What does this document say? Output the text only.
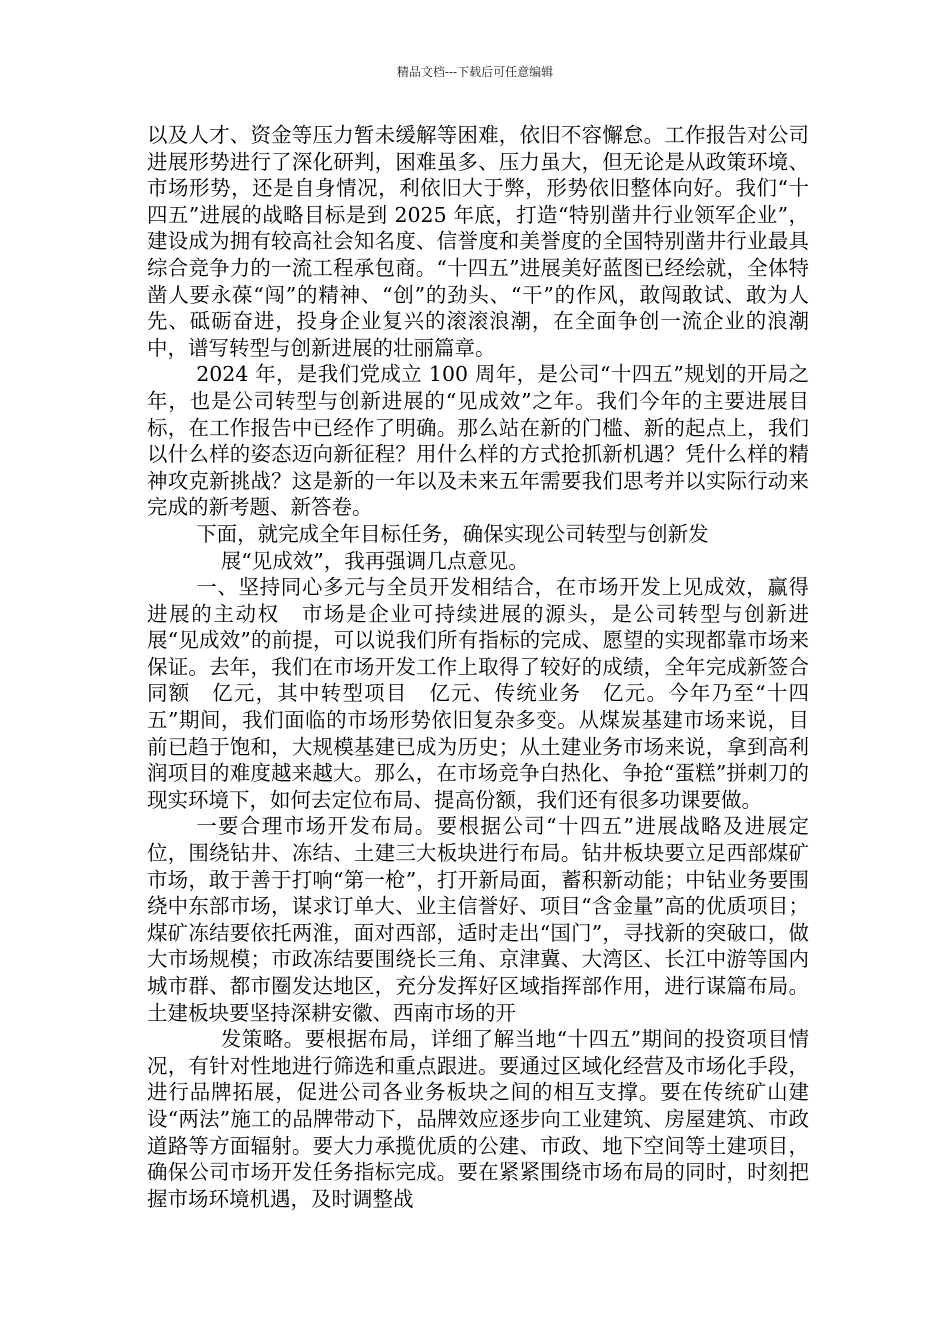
精品文档---下载后可任意编辑

以及人才、资金等压力暂未缓解等困难，依旧不容懈怠。工作报告对公司进展形势进行了深化研判，困难虽多、压力虽大，但无论是从政策环境、市场形势，还是自身情况，利依旧大于弊，形势依旧整体向好。我们“十四五”进展的战略目标是到 2025 年底，打造“特别凿井行业领军企业”，建设成为拥有较高社会知名度、信誉度和美誉度的全国特别凿井行业最具综合竞争力的一流工程承包商。“十四五”进展美好蓝图已经绘就，全体特凿人要永葆“闯”的精神、“创”的劲头、“干”的作风，敢闯敢试、敢为人先、砥砺奋进，投身企业复兴的滚滚浪潮，在全面争创一流企业的浪潮中，谱写转型与创新进展的壮丽篇章。

2024 年，是我们党成立 100 周年，是公司“十四五”规划的开局之年，也是公司转型与创新进展的“见成效”之年。我们今年的主要进展目标，在工作报告中已经作了明确。那么站在新的门槛、新的起点上，我们以什么样的姿态迈向新征程？用什么样的方式抢抓新机遇？凭什么样的精神攻克新挑战？这是新的一年以及未来五年需要我们思考并以实际行动来完成的新考题、新答卷。

下面，就完成全年目标任务，确保实现公司转型与创新发

展“见成效”，我再强调几点意见。

一、坚持同心多元与全员开发相结合，在市场开发上见成效，赢得进展的主动权　市场是企业可持续进展的源头，是公司转型与创新进展“见成效”的前提，可以说我们所有指标的完成、愿望的实现都靠市场来保证。去年，我们在市场开发工作上取得了较好的成绩，全年完成新签合同额　亿元，其中转型项目　亿元、传统业务　亿元。今年乃至“十四五”期间，我们面临的市场形势依旧复杂多变。从煤炭基建市场来说，目前已趋于饱和，大规模基建已成为历史；从土建业务市场来说，拿到高利润项目的难度越来越大。那么，在市场竞争白热化、争抢“蛋糕”拼刺刀的现实环境下，如何去定位布局、提高份额，我们还有很多功课要做。

一要合理市场开发布局。要根据公司“十四五”进展战略及进展定位，围绕钻井、冻结、土建三大板块进行布局。钻井板块要立足西部煤矿市场，敢于善于打响“第一枪”，打开新局面，蓄积新动能；中钻业务要围绕中东部市场，谋求订单大、业主信誉好、项目“含金量”高的优质项目；煤矿冻结要依托两淮，面对西部，适时走出“国门”，寻找新的突破口，做大市场规模；市政冻结要围绕长三角、京津冀、大湾区、长江中游等国内城市群、都市圈发达地区，充分发挥好区域指挥部作用，进行谋篇布局。土建板块要坚持深耕安徽、西南市场的开

发策略。要根据布局，详细了解当地“十四五”期间的投资项目情况，有针对性地进行筛选和重点跟进。要通过区域化经营及市场化手段，进行品牌拓展，促进公司各业务板块之间的相互支撑。要在传统矿山建设“两法”施工的品牌带动下，品牌效应逐步向工业建筑、房屋建筑、市政道路等方面辐射。要大力承揽优质的公建、市政、地下空间等土建项目，确保公司市场开发任务指标完成。要在紧紧围绕市场布局的同时，时刻把握市场环境机遇，及时调整战
